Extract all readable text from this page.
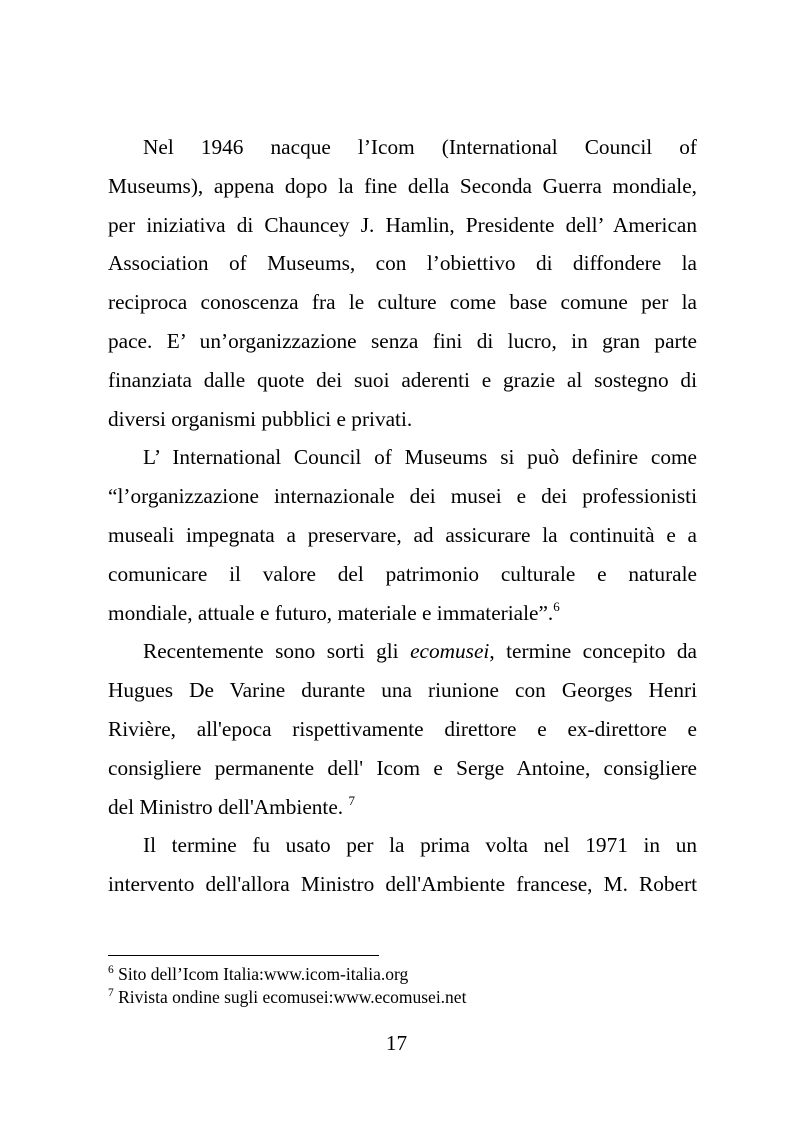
Nel 1946 nacque l’Icom (International Council of
Museums), appena dopo la fine della Seconda Guerra mondiale,
per iniziativa di Chauncey J. Hamlin, Presidente dell’ American
Association of Museums, con l’obiettivo di diffondere la
reciproca conoscenza fra le culture come base comune per la
pace. E’ un’organizzazione senza fini di lucro, in gran parte
finanziata dalle quote dei suoi aderenti e grazie al sostegno di
diversi organismi pubblici e privati.

L’ International Council of Museums si può definire come
“l’organizzazione internazionale dei musei e dei professionisti
museali impegnata a preservare, ad assicurare la continuità e a
comunicare il valore del patrimonio culturale e naturale
mondiale, attuale e futuro, materiale e immateriale”.$^6$

Recentemente sono sorti gli ecomusei, termine concepito da
Hugues De Varine durante una riunione con Georges Henri
Rivière, all'epoca rispettivamente direttore e ex-direttore e
consigliere permanente dell' Icom e Serge Antoine, consigliere
del Ministro dell'Ambiente. $^7$

Il termine fu usato per la prima volta nel 1971 in un
intervento dell'allora Ministro dell'Ambiente francese, M. Robert

$^6$ Sito dell’Icom Italia:www.icom-italia.org
$^7$ Rivista ondine sugli ecomusei:www.ecomusei.net
17
